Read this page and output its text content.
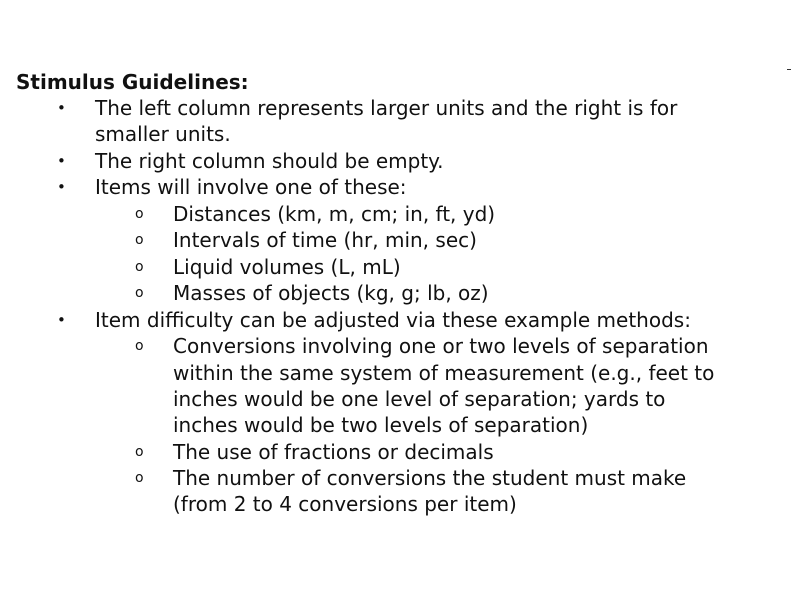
Stimulus Guidelines:
• The left column represents larger units and the right is for
smaller units.
• The right column should be empty.
• Items will involve one of these:
o Distances (km, m, cm; in, ft, yd)
o Intervals of time (hr, min, sec)
o Liquid volumes (L, mL)
o Masses of objects (kg, g; lb, oz)
• Item difficulty can be adjusted via these example methods:
o Conversions involving one or two levels of separation
within the same system of measurement (e.g., feet to
inches would be one level of separation; yards to
inches would be two levels of separation)
o The use of fractions or decimals
o The number of conversions the student must make
(from 2 to 4 conversions per item)
